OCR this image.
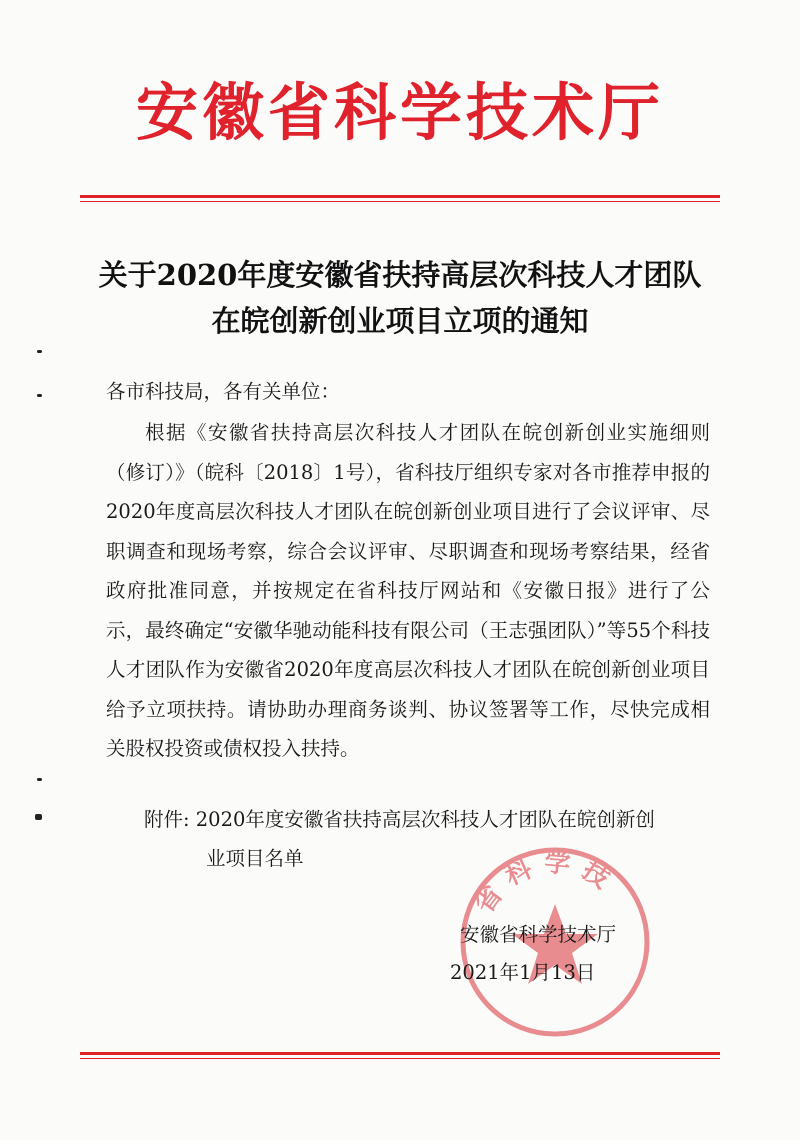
安徽省科学技术厅
关于2020年度安徽省扶持高层次科技人才团队
在皖创新创业项目立项的通知
各市科技局，各有关单位：
根据《安徽省扶持高层次科技人才团队在皖创新创业实施细则（修订）》（皖科〔2018〕1号），省科技厅组织专家对各市推荐申报的2020年度高层次科技人才团队在皖创新创业项目进行了会议评审、尽职调查和现场考察，综合会议评审、尽职调查和现场考察结果，经省政府批准同意，并按规定在省科技厅网站和《安徽日报》进行了公示，最终确定“安徽华驰动能科技有限公司（王志强团队）”等55个科技人才团队作为安徽省2020年度高层次科技人才团队在皖创新创业项目给予立项扶持。请协助办理商务谈判、协议签署等工作，尽快完成相关股权投资或债权投入扶持。
附件: 2020年度安徽省扶持高层次科技人才团队在皖创新创
业项目名单
省科学技
安徽省科学技术厅
2021年1月13日
